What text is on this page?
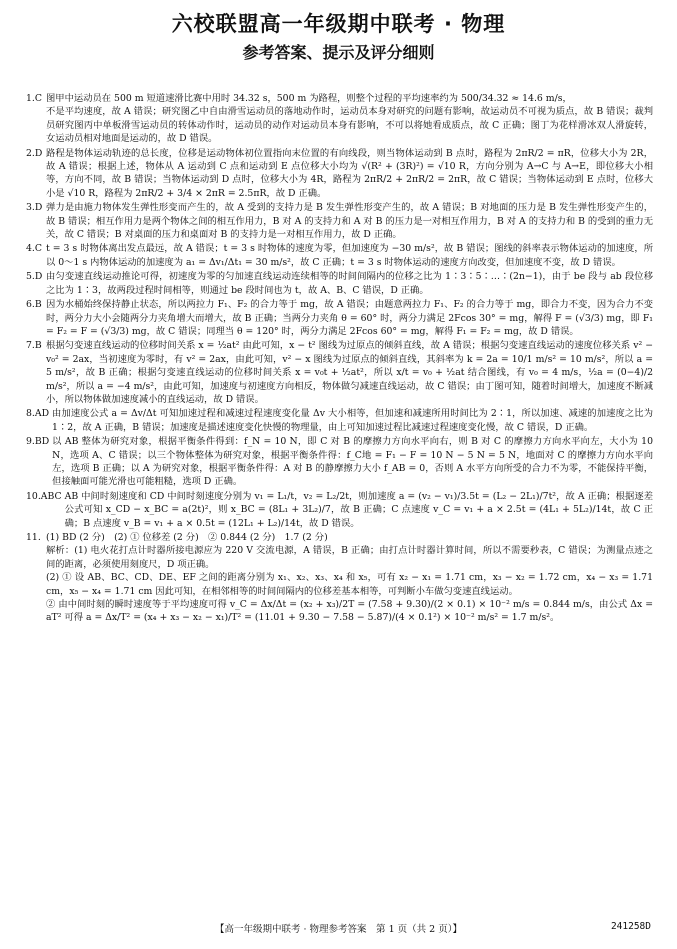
六校联盟高一年级期中联考 · 物理
参考答案、提示及评分细则
1.C 图甲中运动员在 500 m 短道速滑比赛中用时 34.32 s，500 m 为路程，则整个过程的平均速率约为 500/34.32 ≈ 14.6 m/s，
不是平均速度，故 A 错误；研究图乙中自由滑雪运动员的落地动作时，运动员本身对研究的问题有影响，故运动员不可视为质点，故 B 错误；裁判员研究图丙中单板滑雪运动员的转体动作时，运动员的动作对运动员本身有影响，不可以将她看成质点，故 C 正确；图丁为花样滑冰双人滑旋转，女运动员相对地面是运动的，故 D 错误。
2.D 路程是物体运动轨迹的总长度，位移是运动物体初位置指向末位置的有向线段，则当物体运动到 B 点时，路程为 2πR/2 = πR，位移大小为 2R，故 A 错误；根据上述，物体从 A 运动到 C 点和运动到 E 点位移大小均为 √(R² + (3R)²) = √10 R，方向分别为 A→C 与 A→E，即位移大小相等，方向不同，故 B 错误；当物体运动到 D 点时，位移大小为 4R，路程为 2πR/2 + 2πR/2 = 2πR，故 C 错误；当物体运动到 E 点时，位移大小是 √10 R，路程为 2πR/2 + 3/4 × 2πR = 2.5πR，故 D 正确。
3.D 弹力是由施力物体发生弹性形变而产生的，故 A 受到的支持力是 B 发生弹性形变产生的，故 A 错误；B 对地面的压力是 B 发生弹性形变产生的，故 B 错误；相互作用力是两个物体之间的相互作用力，B 对 A 的支持力和 A 对 B 的压力是一对相互作用力，B 对 A 的支持力和 B 的受到的重力无关，故 C 错误；B 对桌面的压力和桌面对 B 的支持力是一对相互作用力，故 D 正确。
4.C t = 3 s 时物体离出发点最远，故 A 错误；t = 3 s 时物体的速度为零，但加速度为 −30 m/s²，故 B 错误；图线的斜率表示物体运动的加速度，所以 0～1 s 内物体运动的加速度为 a₁ = Δv₁/Δt₁ = 30 m/s²，故 C 正确；t = 3 s 时物体运动的速度方向改变，但加速度不变，故 D 错误。
5.D 由匀变速直线运动推论可得，初速度为零的匀加速直线运动连续相等的时间间隔内的位移之比为 1∶3∶5∶…∶(2n−1)，由于 be 段与 ab 段位移之比为 1∶3，故两段过程时间相等，则通过 be 段时间也为 t，故 A、B、C 错误，D 正确。
6.B 因为水桶始终保持静止状态，所以两拉力 F₁、F₂ 的合力等于 mg，故 A 错误；由题意两拉力 F₁、F₂ 的合力等于 mg，即合力不变，因为合力不变时，两分力大小会随两分力夹角增大而增大，故 B 正确；当两分力夹角 θ = 60° 时，两分力满足 2Fcos 30° = mg，解得 F = (√3/3) mg，即 F₁ = F₂ = F = (√3/3) mg，故 C 错误；同理当 θ = 120° 时，两分力满足 2Fcos 60° = mg，解得 F₁ = F₂ = mg，故 D 错误。
7.B 根据匀变速直线运动的位移时间关系 x = ½at² 由此可知，x − t² 图线为过原点的倾斜直线，故 A 错误；根据匀变速直线运动的速度位移关系 v² − v₀² = 2ax，当初速度为零时，有 v² = 2ax，由此可知，v² − x 图线为过原点的倾斜直线，其斜率为 k = 2a = 10/1 m/s² = 10 m/s²，所以 a = 5 m/s²，故 B 正确；根据匀变速直线运动的位移时间关系 x = v₀t + ½at²，所以 x/t = v₀ + ½at 结合图线，有 v₀ = 4 m/s，½a = (0−4)/2 m/s²，所以 a = −4 m/s²，由此可知，加速度与初速度方向相反，物体做匀减速直线运动，故 C 错误；由丁图可知，随着时间增大，加速度不断减小，所以物体做加速度减小的直线运动，故 D 错误。
8.AD 由加速度公式 a = Δv/Δt 可知加速过程和减速过程速度变化量 Δv 大小相等，但加速和减速所用时间比为 2∶1，所以加速、减速的加速度之比为 1∶2，故 A 正确，B 错误；加速度是描述速度变化快慢的物理量，由上可知加速过程比减速过程速度变化慢，故 C 错误，D 正确。
9.BD 以 AB 整体为研究对象，根据平衡条件得到：f_N = 10 N，即 C 对 B 的摩擦力方向水平向右，则 B 对 C 的摩擦力方向水平向左，大小为 10 N，选项 A、C 错误；以三个物体整体为研究对象，根据平衡条件得：f_C地 = F₁ − F = 10 N − 5 N = 5 N，地面对 C 的摩擦力方向水平向左，选项 B 正确；以 A 为研究对象，根据平衡条件得：A 对 B 的静摩擦力大小 f_AB = 0，否则 A 水平方向所受的合力不为零，不能保持平衡，但接触面可能光滑也可能粗糙，选项 D 正确。
10.ABC AB 中间时刻速度和 CD 中间时刻速度分别为 v₁ = L₁/t，v₂ = L₂/2t，则加速度 a = (v₂ − v₁)/3.5t = (L₂ − 2L₁)/7t²，故 A 正确；根据逐差公式可知 x_CD − x_BC = a(2t)²，则 x_BC = (8L₁ + 3L₂)/7，故 B 正确；C 点速度 v_C = v₁ + a × 2.5t = (4L₁ + 5L₂)/14t，故 C 正确；B 点速度 v_B = v₁ + a × 0.5t = (12L₁ + L₂)/14t，故 D 错误。
11. (1) BD (2 分)　(2) ① 位移差 (2 分)　② 0.844 (2 分)　1.7 (2 分)
解析：(1) 电火花打点计时器所接电源应为 220 V 交流电源，A 错误，B 正确；由打点计时器计算时间，所以不需要秒表，C 错误；为测量点迹之间的距离，必须使用刻度尺，D 项正确。
(2) ① 设 AB、BC、CD、DE、EF 之间的距离分别为 x₁、x₂、x₃、x₄ 和 x₅，可有 x₂ − x₁ = 1.71 cm，x₃ − x₂ = 1.72 cm，x₄ − x₃ = 1.71 cm，x₅ − x₄ = 1.71 cm 因此可知，在相邻相等的时间间隔内的位移差基本相等，可判断小车做匀变速直线运动。
② 由中间时刻的瞬时速度等于平均速度可得 v_C = Δx/Δt = (x₂ + x₃)/2T = (7.58 + 9.30)/(2 × 0.1) × 10⁻² m/s = 0.844 m/s，由公式 Δx = aT² 可得 a = Δx/T² = (x₄ + x₃ − x₂ − x₁)/T² = (11.01 + 9.30 − 7.58 − 5.87)/(4 × 0.1²) × 10⁻² m/s² = 1.7 m/s²。
【高一年级期中联考 · 物理参考答案　第 1 页（共 2 页）】	241258D
